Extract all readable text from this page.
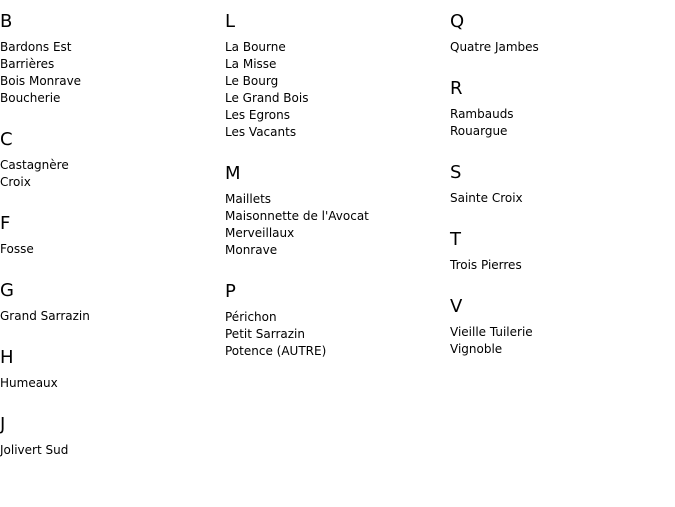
B
Bardons Est
Barrières
Bois Monrave
Boucherie
C
Castagnère
Croix
F
Fosse
G
Grand Sarrazin
H
Humeaux
J
Jolivert Sud
L
La Bourne
La Misse
Le Bourg
Le Grand Bois
Les Egrons
Les Vacants
M
Maillets
Maisonnette de l'Avocat
Merveillaux
Monrave
P
Périchon
Petit Sarrazin
Potence (AUTRE)
Q
Quatre Jambes
R
Rambauds
Rouargue
S
Sainte Croix
T
Trois Pierres
V
Vieille Tuilerie
Vignoble
